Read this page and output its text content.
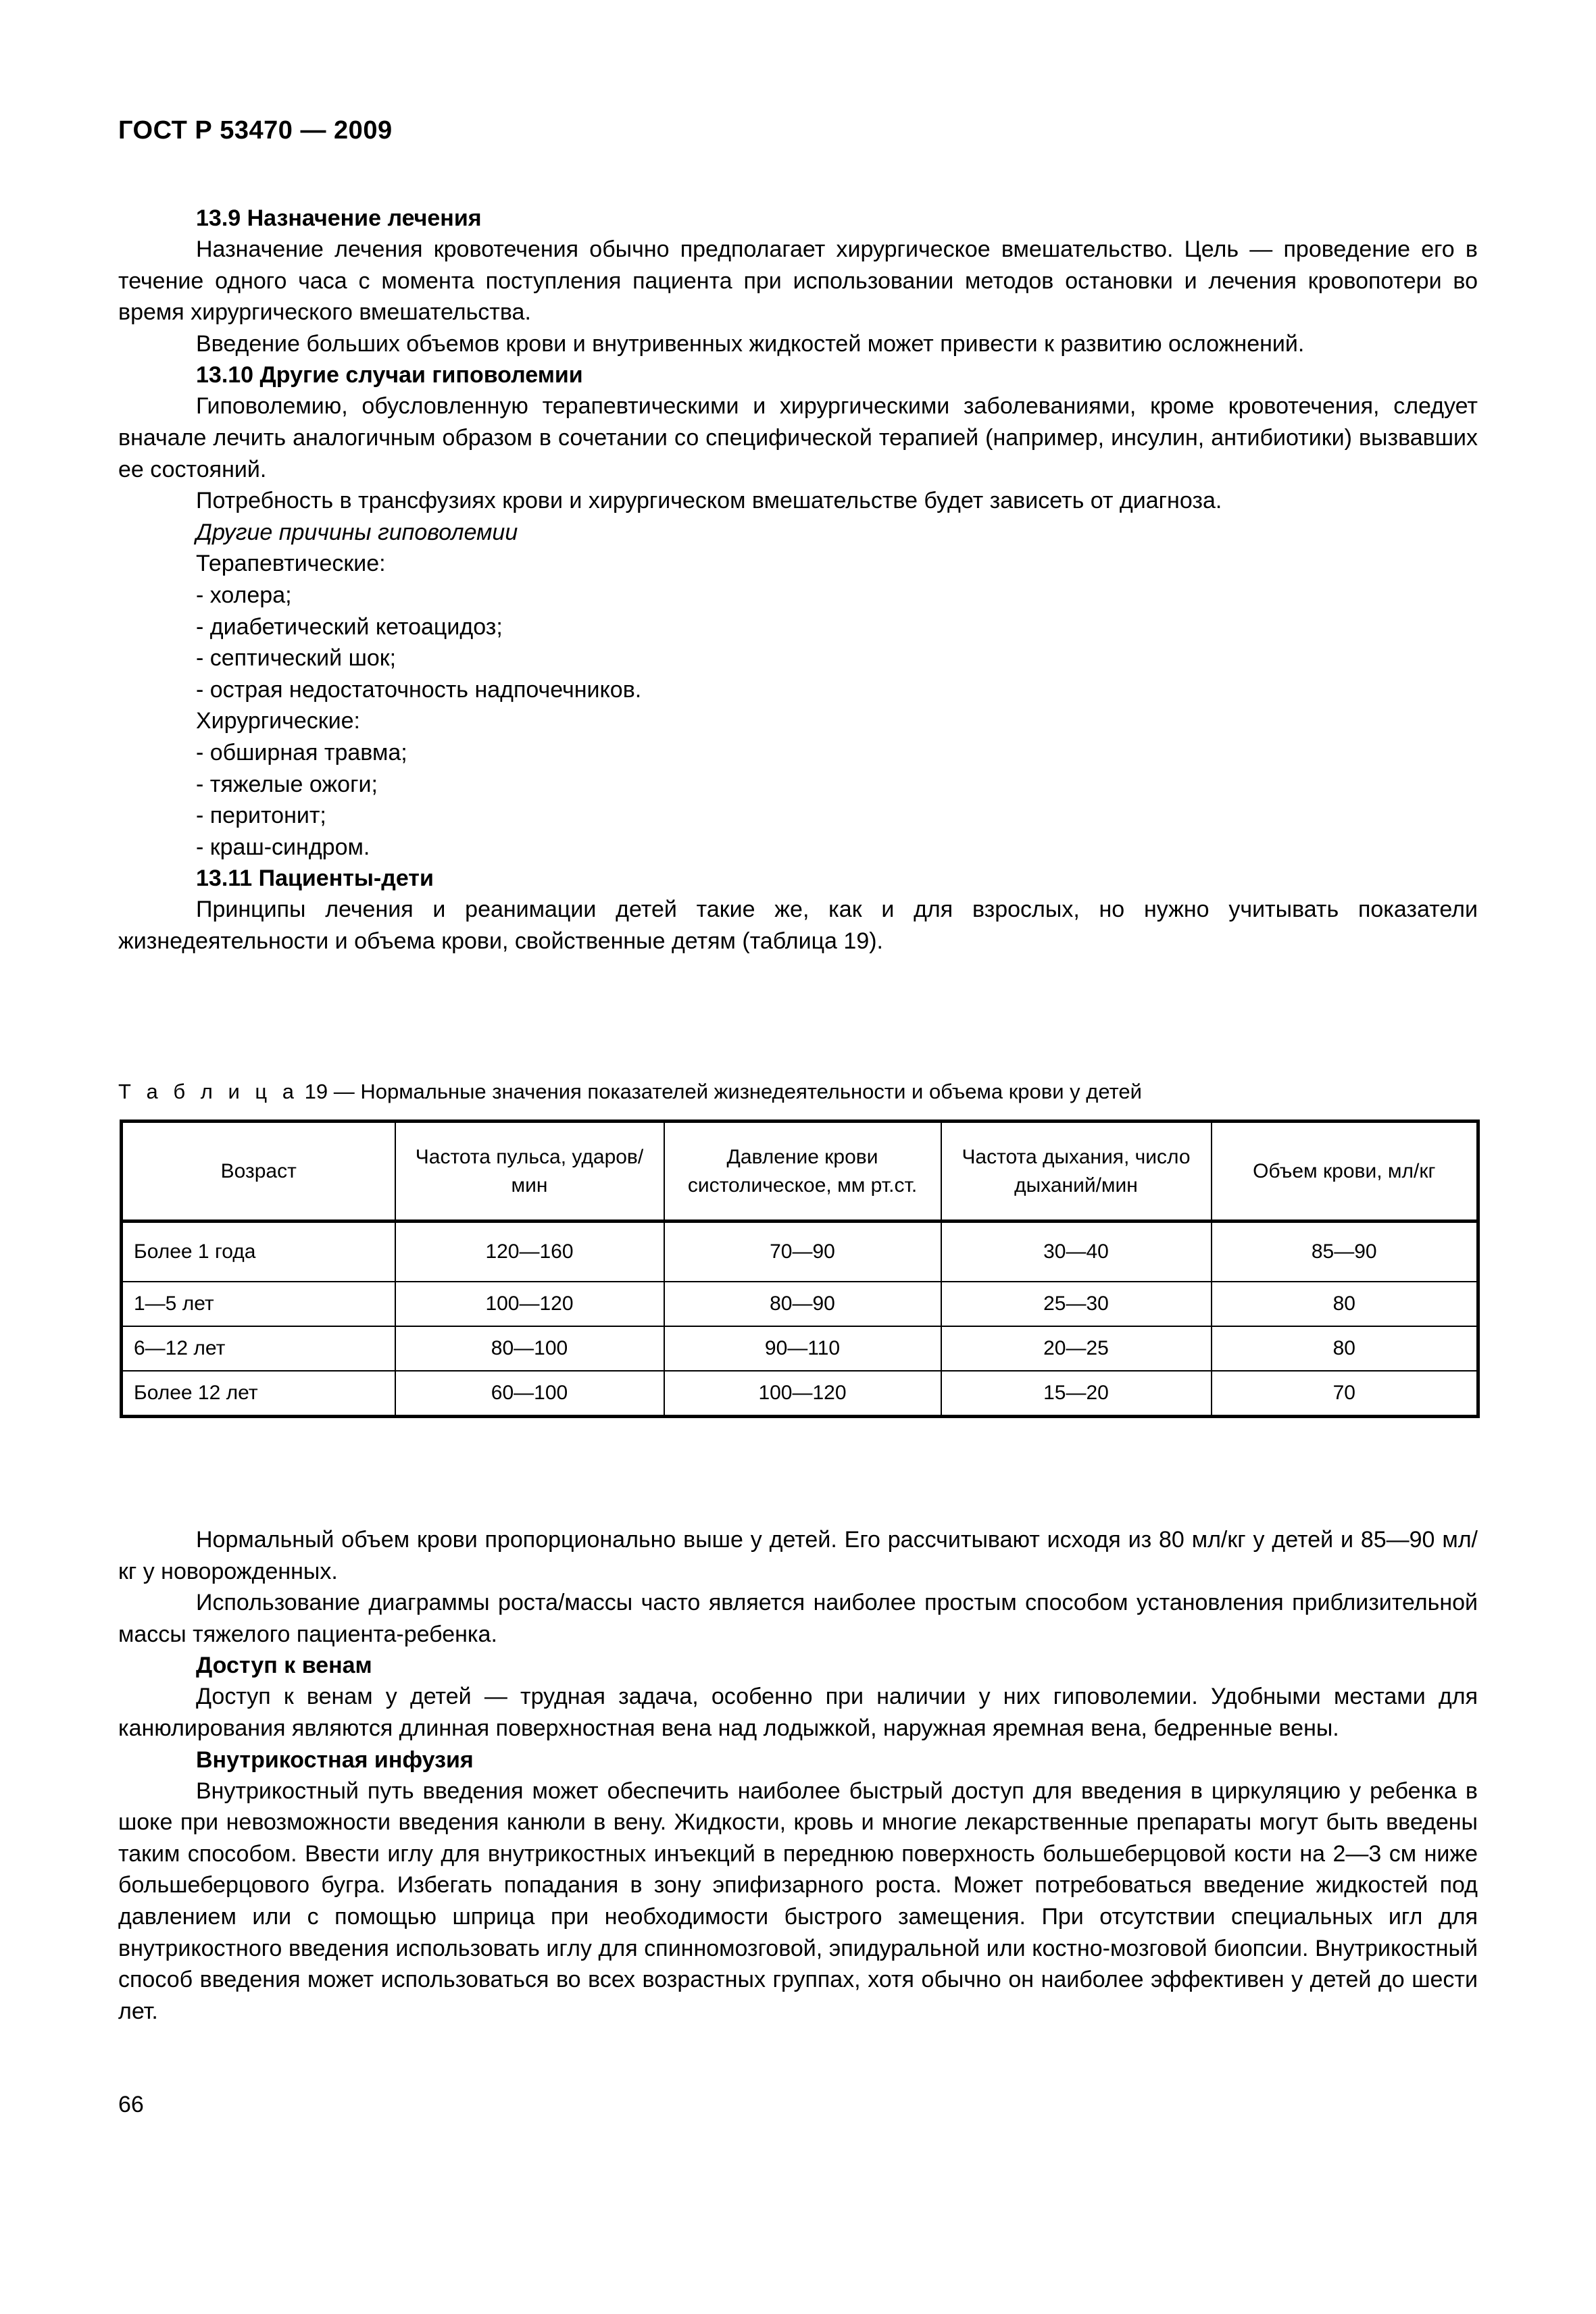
ГОСТ Р 53470 — 2009

13.9 Назначение лечения

Назначение лечения кровотечения обычно предполагает хирургическое вмешательство. Цель — проведение его в течение одного часа с момента поступления пациента при использовании методов остановки и лечения кровопотери во время хирургического вмешательства.

Введение больших объемов крови и внутривенных жидкостей может привести к развитию осложнений.

13.10 Другие случаи гиповолемии

Гиповолемию, обусловленную терапевтическими и хирургическими заболеваниями, кроме кровотечения, следует вначале лечить аналогичным образом в сочетании со специфической терапией (например, инсулин, антибиотики) вызвавших ее состояний.

Потребность в трансфузиях крови и хирургическом вмешательстве будет зависеть от диагноза.

Другие причины гиповолемии

Терапевтические:

- холера;

- диабетический кетоацидоз;

- септический шок;

- острая недостаточность надпочечников.

Хирургические:

- обширная травма;

- тяжелые ожоги;

- перитонит;

- краш-синдром.

13.11 Пациенты-дети

Принципы лечения и реанимации детей такие же, как и для взрослых, но нужно учитывать показатели жизнедеятельности и объема крови, свойственные детям (таблица 19).

Т а б л и ц а 19 — Нормальные значения показателей жизнедеятельности и объема крови у детей
Возраст	Частота пульса, ударов/мин	Давление крови систолическое, мм рт.ст.	Частота дыхания, число дыханий/мин	Объем крови, мл/кг
Более 1 года	120—160	70—90	30—40	85—90
1—5 лет	100—120	80—90	25—30	80
6—12 лет	80—100	90—110	20—25	80
Более 12 лет	60—100	100—120	15—20	70

Нормальный объем крови пропорционально выше у детей. Его рассчитывают исходя из 80 мл/кг у детей и 85—90 мл/кг у новорожденных.

Использование диаграммы роста/массы часто является наиболее простым способом установления приблизительной массы тяжелого пациента-ребенка.

Доступ к венам

Доступ к венам у детей — трудная задача, особенно при наличии у них гиповолемии. Удобными местами для канюлирования являются длинная поверхностная вена над лодыжкой, наружная яремная вена, бедренные вены.

Внутрикостная инфузия

Внутрикостный путь введения может обеспечить наиболее быстрый доступ для введения в циркуляцию у ребенка в шоке при невозможности введения канюли в вену. Жидкости, кровь и многие лекарственные препараты могут быть введены таким способом. Ввести иглу для внутрикостных инъекций в переднюю поверхность большеберцовой кости на 2—3 см ниже большеберцового бугра. Избегать попадания в зону эпифизарного роста. Может потребоваться введение жидкостей под давлением или с помощью шприца при необходимости быстрого замещения. При отсутствии специальных игл для внутрикостного введения использовать иглу для спинномозговой, эпидуральной или костно-мозговой биопсии. Внутрикостный способ введения может использоваться во всех возрастных группах, хотя обычно он наиболее эффективен у детей до шести лет.

66
